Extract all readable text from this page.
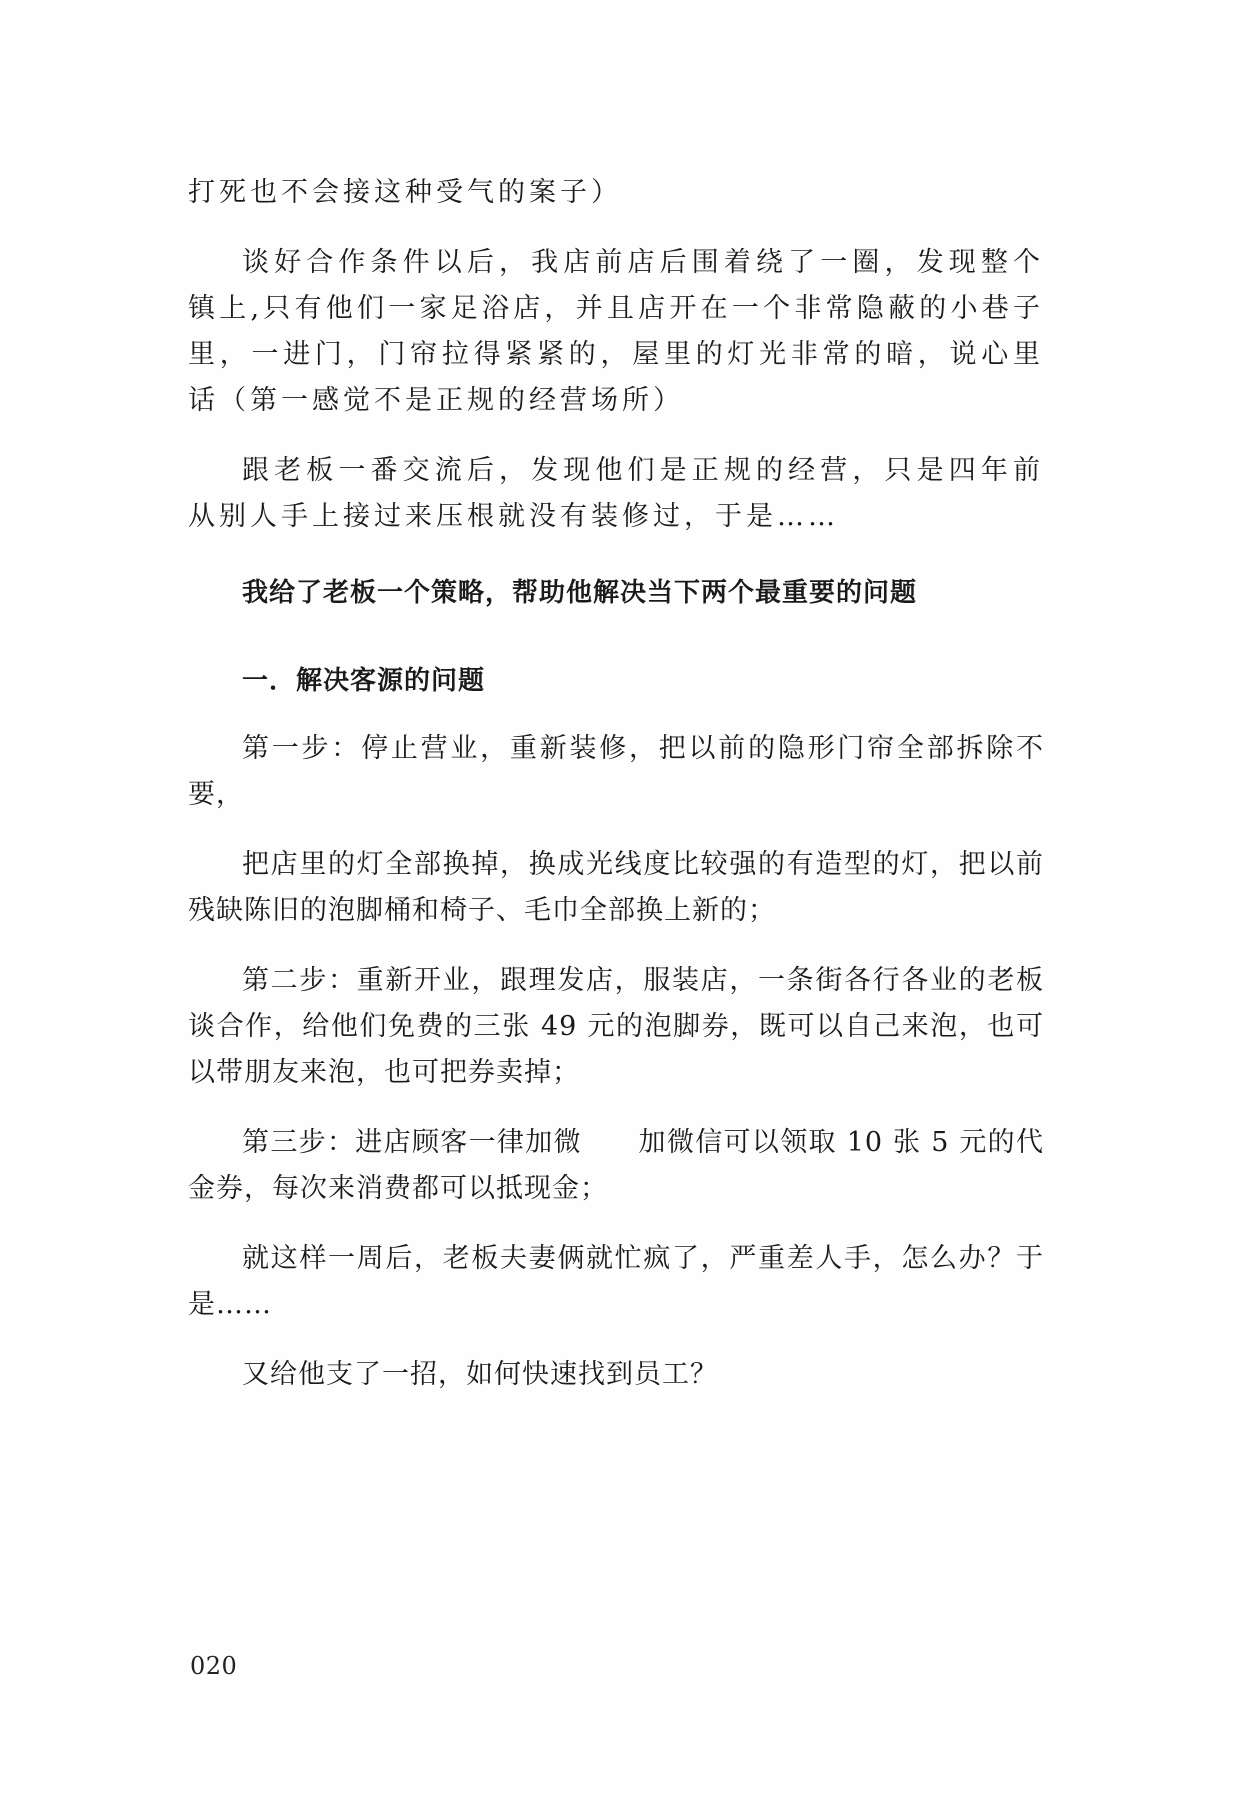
打死也不会接这种受气的案子）

谈好合作条件以后，我店前店后围着绕了一圈，发现整个镇上,只有他们一家足浴店，并且店开在一个非常隐蔽的小巷子里，一进门，门帘拉得紧紧的，屋里的灯光非常的暗，说心里话（第一感觉不是正规的经营场所）

跟老板一番交流后，发现他们是正规的经营，只是四年前从别人手上接过来压根就没有装修过，于是……

我给了老板一个策略，帮助他解决当下两个最重要的问题

一．解决客源的问题

第一步：停止营业，重新装修，把以前的隐形门帘全部拆除不要，

把店里的灯全部换掉，换成光线度比较强的有造型的灯，把以前残缺陈旧的泡脚桶和椅子、毛巾全部换上新的；

第二步：重新开业，跟理发店，服装店，一条街各行各业的老板谈合作，给他们免费的三张 49 元的泡脚券，既可以自己来泡，也可以带朋友来泡，也可把券卖掉；

第三步：进店顾客一律加微　　加微信可以领取 10 张 5 元的代金券，每次来消费都可以抵现金；

就这样一周后，老板夫妻俩就忙疯了，严重差人手，怎么办？于是……

又给他支了一招，如何快速找到员工？

020
